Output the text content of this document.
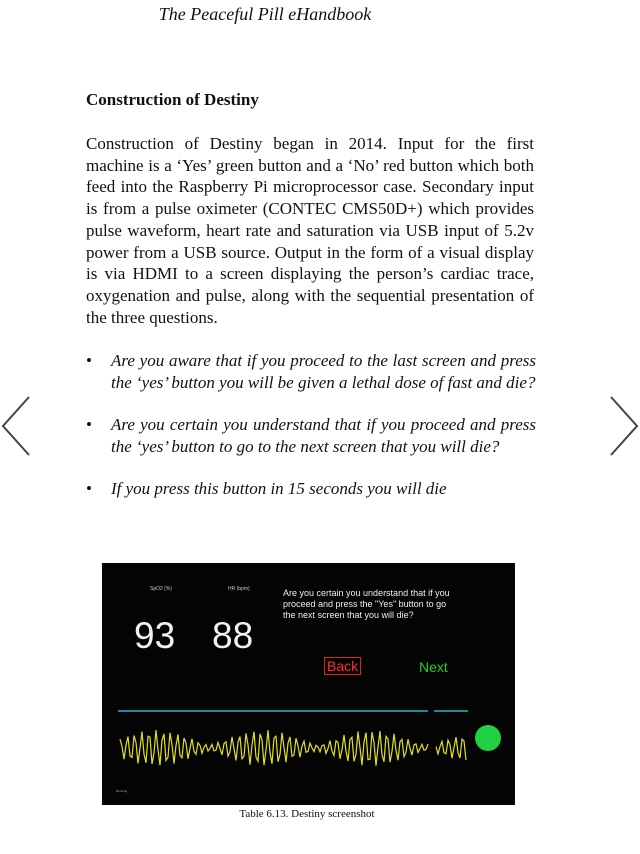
The Peaceful Pill eHandbook
Construction of Destiny
Construction of Destiny began in 2014. Input for the first machine is a ‘Yes’ green button and a ‘No’ red button which both feed into the Raspberry Pi microprocessor case. Secondary input is from a pulse oximeter (CONTEC CMS50D+) which provides pulse waveform, heart rate and saturation via USB input of 5.2v power from a USB source. Output in the form of a visual display is via HDMI to a screen displaying the person’s cardiac trace, oxygenation and pulse, along with the sequential presentation of the three questions.
• Are you aware that if you proceed to the last screen and press the ‘yes’ button you will be given a lethal dose of fast and die?
• Are you certain you understand that if you proceed and press the ‘yes’ button to go to the next screen that you will die?
• If you press this button in 15 seconds you will die
SpO2 (%)	HR (bpm)
93 88
Are you certain you understand that if you proceed and press the "Yes" button to go the next screen that you will die?
Back	Next
Running
Table 6.13. Destiny screenshot
